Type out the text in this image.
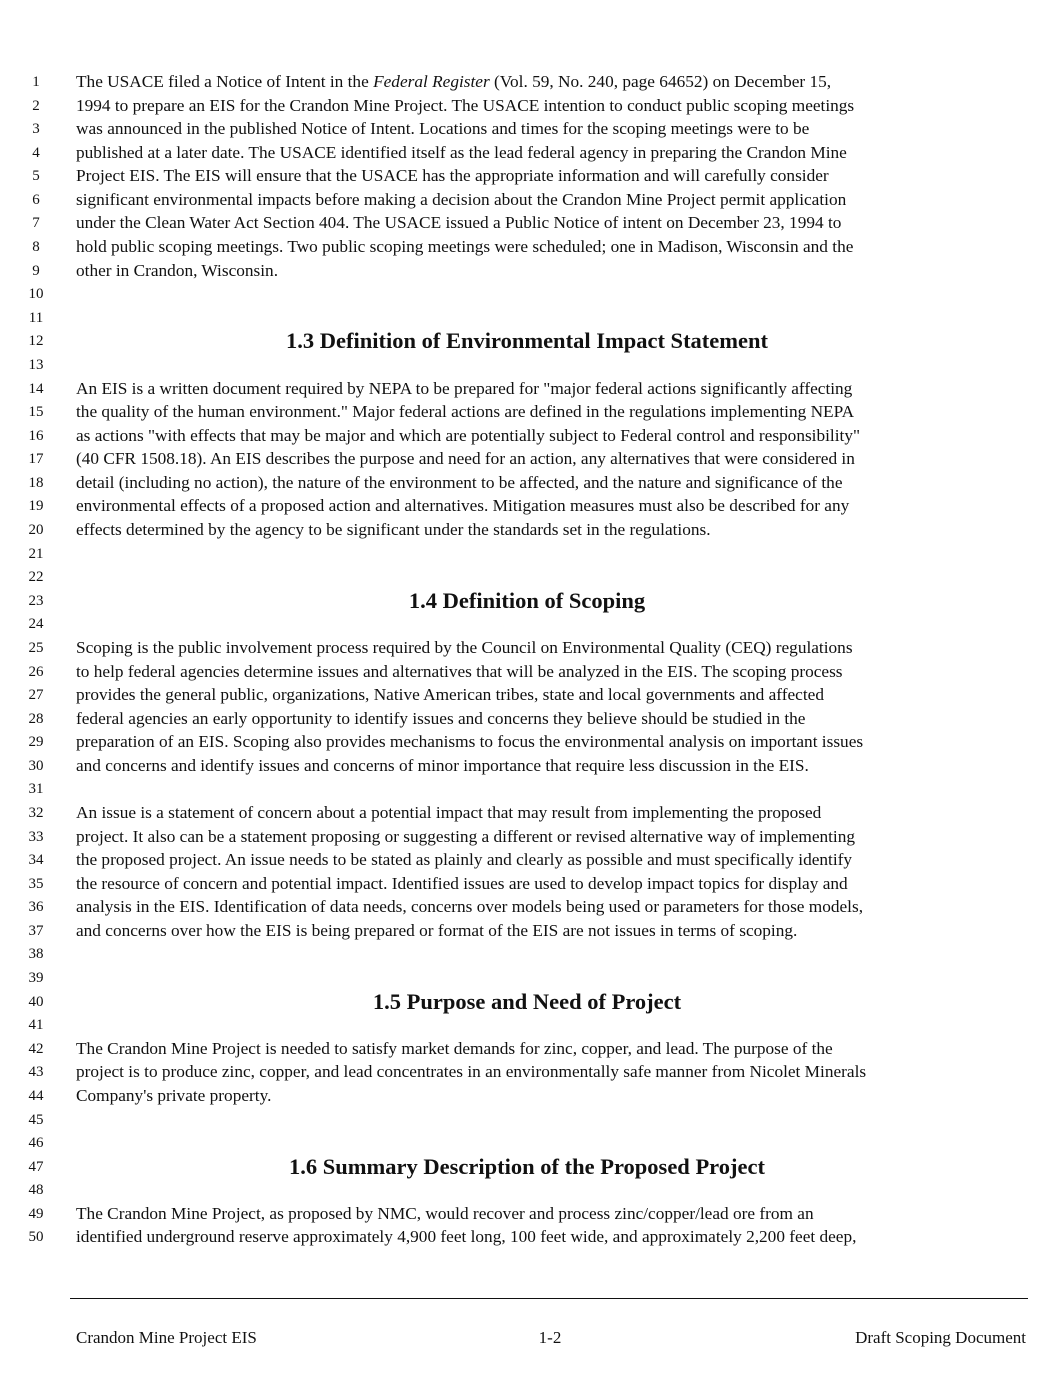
1	The USACE filed a Notice of Intent in the Federal Register (Vol. 59, No. 240, page 64652) on December 15,
2	1994 to prepare an EIS for the Crandon Mine Project. The USACE intention to conduct public scoping meetings
3	was announced in the published Notice of Intent. Locations and times for the scoping meetings were to be
4	published at a later date. The USACE identified itself as the lead federal agency in preparing the Crandon Mine
5	Project EIS. The EIS will ensure that the USACE has the appropriate information and will carefully consider
6	significant environmental impacts before making a decision about the Crandon Mine Project permit application
7	under the Clean Water Act Section 404. The USACE issued a Public Notice of intent on December 23, 1994 to
8	hold public scoping meetings. Two public scoping meetings were scheduled; one in Madison, Wisconsin and the
9	other in Crandon, Wisconsin.
10
11
12	1.3 Definition of Environmental Impact Statement
13
14 An EIS is a written document required by NEPA to be prepared for "major federal actions significantly affecting
15 the quality of the human environment." Major federal actions are defined in the regulations implementing NEPA
16 as actions "with effects that may be major and which are potentially subject to Federal control and responsibility"
17 (40 CFR 1508.18). An EIS describes the purpose and need for an action, any alternatives that were considered in
18 detail (including no action), the nature of the environment to be affected, and the nature and significance of the
19 environmental effects of a proposed action and alternatives. Mitigation measures must also be described for any
20 effects determined by the agency to be significant under the standards set in the regulations.
21
22
23	1.4 Definition of Scoping
24
25 Scoping is the public involvement process required by the Council on Environmental Quality (CEQ) regulations
26 to help federal agencies determine issues and alternatives that will be analyzed in the EIS. The scoping process
27 provides the general public, organizations, Native American tribes, state and local governments and affected
28 federal agencies an early opportunity to identify issues and concerns they believe should be studied in the
29 preparation of an EIS. Scoping also provides mechanisms to focus the environmental analysis on important issues
30 and concerns and identify issues and concerns of minor importance that require less discussion in the EIS.
31
32 An issue is a statement of concern about a potential impact that may result from implementing the proposed
33 project. It also can be a statement proposing or suggesting a different or revised alternative way of implementing
34 the proposed project. An issue needs to be stated as plainly and clearly as possible and must specifically identify
35 the resource of concern and potential impact. Identified issues are used to develop impact topics for display and
36 analysis in the EIS. Identification of data needs, concerns over models being used or parameters for those models,
37 and concerns over how the EIS is being prepared or format of the EIS are not issues in terms of scoping.
38
39
40	1.5 Purpose and Need of Project
41
42 The Crandon Mine Project is needed to satisfy market demands for zinc, copper, and lead. The purpose of the
43 project is to produce zinc, copper, and lead concentrates in an environmentally safe manner from Nicolet Minerals
44 Company's private property.
45
46
47	1.6 Summary Description of the Proposed Project
48
49 The Crandon Mine Project, as proposed by NMC, would recover and process zinc/copper/lead ore from an
50 identified underground reserve approximately 4,900 feet long, 100 feet wide, and approximately 2,200 feet deep,
Crandon Mine Project EIS	1-2	Draft Scoping Document
